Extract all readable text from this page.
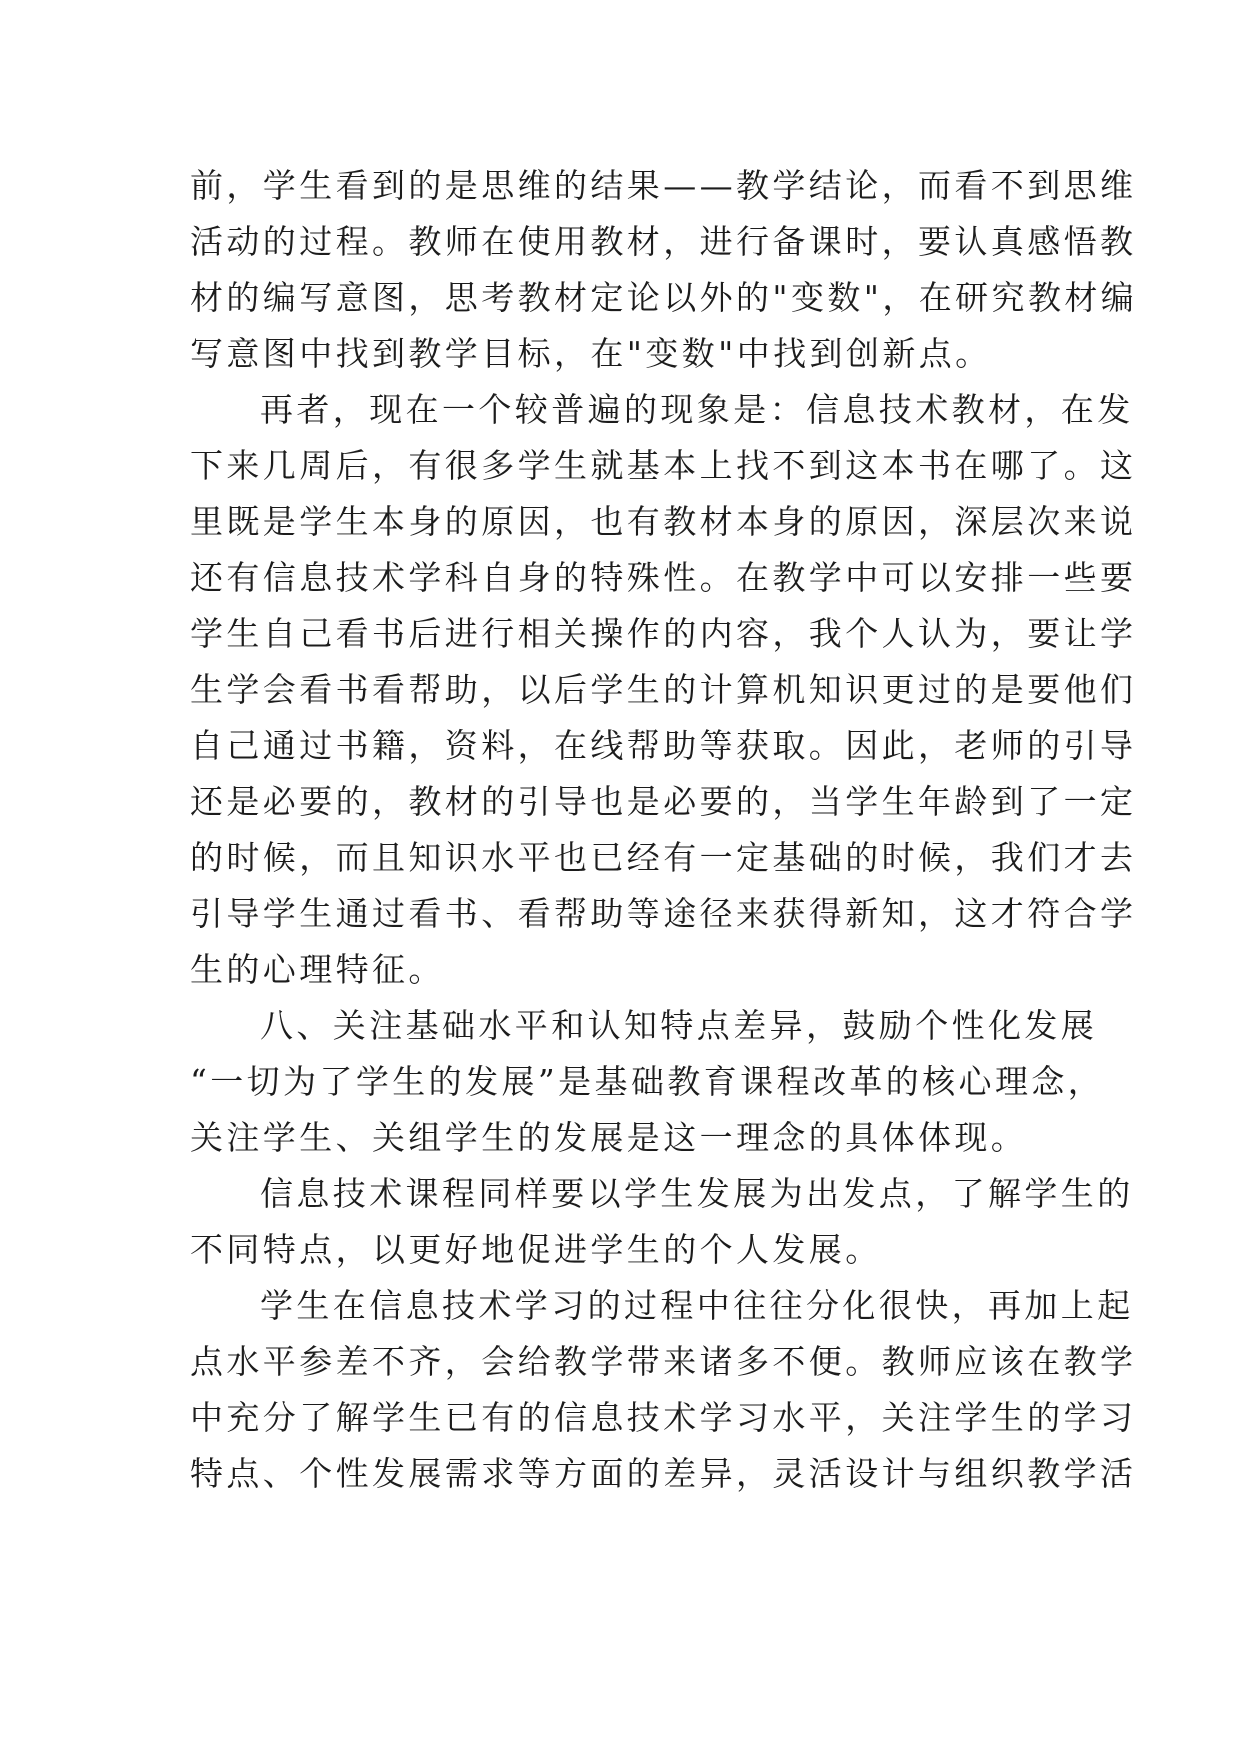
前，学生看到的是思维的结果——教学结论，而看不到思维
活动的过程。教师在使用教材，进行备课时，要认真感悟教
材的编写意图，思考教材定论以外的"变数"，在研究教材编
写意图中找到教学目标，在"变数"中找到创新点。
再者，现在一个较普遍的现象是：信息技术教材，在发
下来几周后，有很多学生就基本上找不到这本书在哪了。这
里既是学生本身的原因，也有教材本身的原因，深层次来说
还有信息技术学科自身的特殊性。在教学中可以安排一些要
学生自己看书后进行相关操作的内容，我个人认为，要让学
生学会看书看帮助，以后学生的计算机知识更过的是要他们
自己通过书籍，资料，在线帮助等获取。因此，老师的引导
还是必要的，教材的引导也是必要的，当学生年龄到了一定
的时候，而且知识水平也已经有一定基础的时候，我们才去
引导学生通过看书、看帮助等途径来获得新知，这才符合学
生的心理特征。
八、关注基础水平和认知特点差异，鼓励个性化发展
“一切为了学生的发展”是基础教育课程改革的核心理念，
关注学生、关组学生的发展是这一理念的具体体现。
信息技术课程同样要以学生发展为出发点，了解学生的
不同特点，以更好地促进学生的个人发展。
学生在信息技术学习的过程中往往分化很快，再加上起
点水平参差不齐，会给教学带来诸多不便。教师应该在教学
中充分了解学生已有的信息技术学习水平，关注学生的学习
特点、个性发展需求等方面的差异，灵活设计与组织教学活
